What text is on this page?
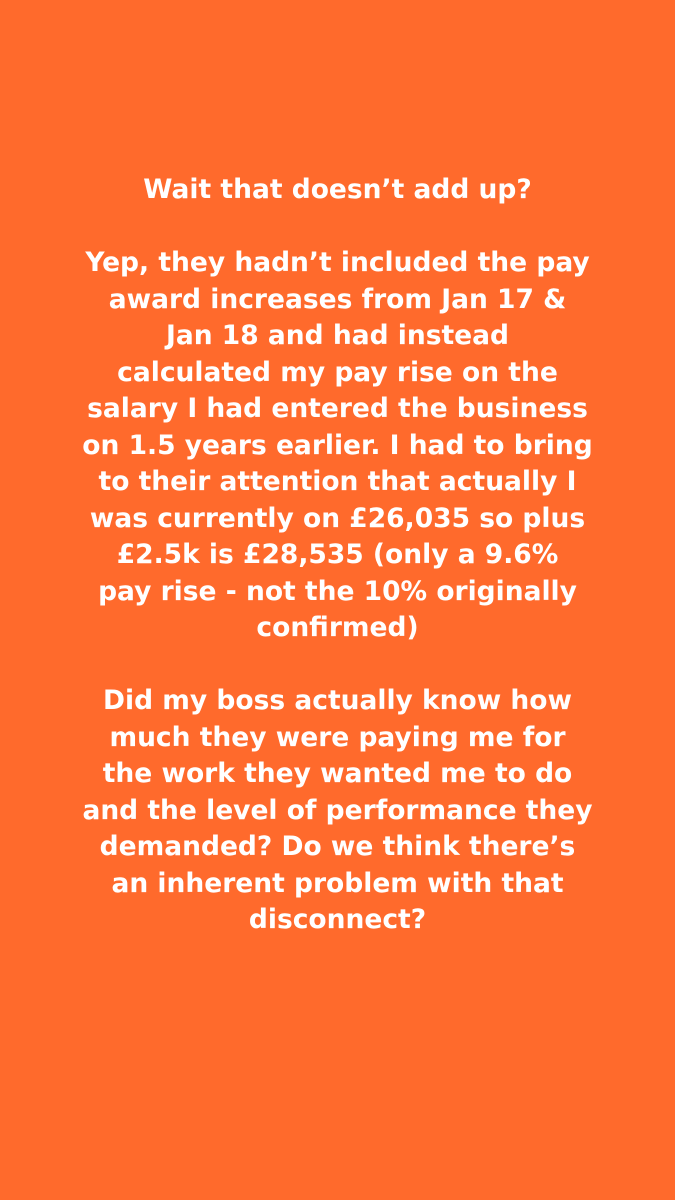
Wait that doesn’t add up?

Yep, they hadn’t included the pay
award increases from Jan 17 &
Jan 18 and had instead
calculated my pay rise on the
salary I had entered the business
on 1.5 years earlier. I had to bring
to their attention that actually I
was currently on £26,035 so plus
£2.5k is £28,535 (only a 9.6%
pay rise - not the 10% originally
confirmed)

Did my boss actually know how
much they were paying me for
the work they wanted me to do
and the level of performance they
demanded? Do we think there’s
an inherent problem with that
disconnect?
